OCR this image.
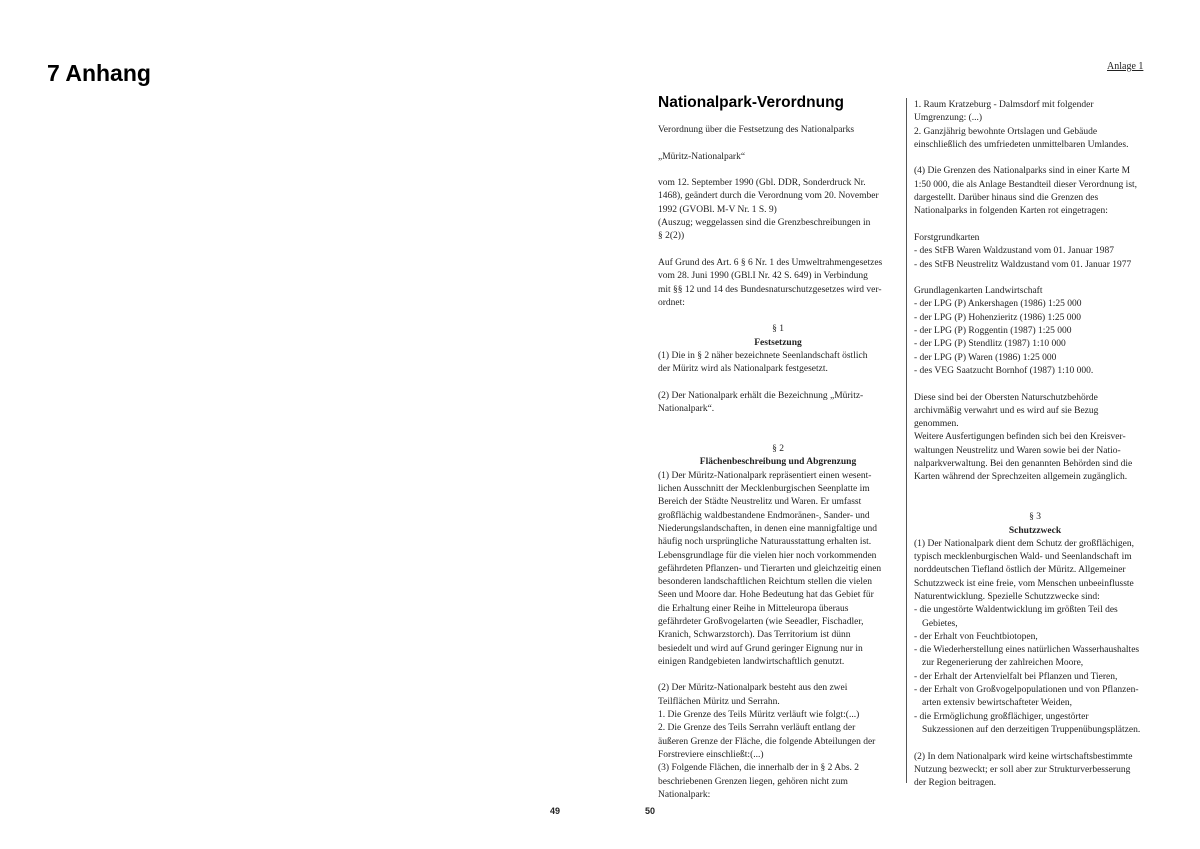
7 Anhang
49	50
Anlage 1
Nationalpark-Verordnung

Verordnung über die Festsetzung des Nationalparks

„Müritz-Nationalpark“

vom 12. September 1990 (Gbl. DDR, Sonderdruck Nr.

1468), geändert durch die Verordnung vom 20. November

1992 (GVOBl. M-V Nr. 1 S. 9)

(Auszug; weggelassen sind die Grenzbeschreibungen in

§ 2(2))

Auf Grund des Art. 6 § 6 Nr. 1 des Umweltrahmengesetzes

vom 28. Juni 1990 (GBl.I Nr. 42 S. 649) in Verbindung

mit §§ 12 und 14 des Bundesnaturschutzgesetzes wird ver-

ordnet:

§ 1

Festsetzung

(1) Die in § 2 näher bezeichnete Seenlandschaft östlich

der Müritz wird als Nationalpark festgesetzt.

(2) Der Nationalpark erhält die Bezeichnung „Müritz-

Nationalpark“.

§ 2

Flächenbeschreibung und Abgrenzung

(1) Der Müritz-Nationalpark repräsentiert einen wesent-

lichen Ausschnitt der Mecklenburgischen Seenplatte im

Bereich der Städte Neustrelitz und Waren. Er umfasst

großflächig waldbestandene Endmoränen-, Sander- und

Niederungslandschaften, in denen eine mannigfaltige und

häufig noch ursprüngliche Naturausstattung erhalten ist.

Lebensgrundlage für die vielen hier noch vorkommenden

gefährdeten Pflanzen- und Tierarten und gleichzeitig einen

besonderen landschaftlichen Reichtum stellen die vielen

Seen und Moore dar. Hohe Bedeutung hat das Gebiet für

die Erhaltung einer Reihe in Mitteleuropa überaus

gefährdeter Großvogelarten (wie Seeadler, Fischadler,

Kranich, Schwarzstorch). Das Territorium ist dünn

besiedelt und wird auf Grund geringer Eignung nur in

einigen Randgebieten landwirtschaftlich genutzt.

(2) Der Müritz-Nationalpark besteht aus den zwei

Teilflächen Müritz und Serrahn.

1. Die Grenze des Teils Müritz verläuft wie folgt:(...)

2. Die Grenze des Teils Serrahn verläuft entlang der

äußeren Grenze der Fläche, die folgende Abteilungen der

Forstreviere einschließt:(...)

(3) Folgende Flächen, die innerhalb der in § 2 Abs. 2

beschriebenen Grenzen liegen, gehören nicht zum

Nationalpark:

1. Raum Kratzeburg - Dalmsdorf mit folgender

Umgrenzung: (...)

2. Ganzjährig bewohnte Ortslagen und Gebäude

einschließlich des umfriedeten unmittelbaren Umlandes.

(4) Die Grenzen des Nationalparks sind in einer Karte M

1:50 000, die als Anlage Bestandteil dieser Verordnung ist,

dargestellt. Darüber hinaus sind die Grenzen des

Nationalparks in folgenden Karten rot eingetragen:

Forstgrundkarten

- des StFB Waren Waldzustand vom 01. Januar 1987

- des StFB Neustrelitz Waldzustand vom 01. Januar 1977

Grundlagenkarten Landwirtschaft

- der LPG (P) Ankershagen (1986) 1:25 000

- der LPG (P) Hohenzieritz (1986) 1:25 000

- der LPG (P) Roggentin (1987) 1:25 000

- der LPG (P) Stendlitz (1987) 1:10 000

- der LPG (P) Waren (1986) 1:25 000

- des VEG Saatzucht Bornhof (1987) 1:10 000.

Diese sind bei der Obersten Naturschutzbehörde

archivmäßig verwahrt und es wird auf sie Bezug

genommen.

Weitere Ausfertigungen befinden sich bei den Kreisver-

waltungen Neustrelitz und Waren sowie bei der Natio-

nalparkverwaltung. Bei den genannten Behörden sind die

Karten während der Sprechzeiten allgemein zugänglich.

§ 3

Schutzzweck

(1) Der Nationalpark dient dem Schutz der großflächigen,

typisch mecklenburgischen Wald- und Seenlandschaft im

norddeutschen Tiefland östlich der Müritz. Allgemeiner

Schutzzweck ist eine freie, vom Menschen unbeeinflusste

Naturentwicklung. Spezielle Schutzzwecke sind:

- die ungestörte Waldentwicklung im größten Teil des

Gebietes,

- der Erhalt von Feuchtbiotopen,

- die Wiederherstellung eines natürlichen Wasserhaushaltes

zur Regenerierung der zahlreichen Moore,

- der Erhalt der Artenvielfalt bei Pflanzen und Tieren,

- der Erhalt von Großvogelpopulationen und von Pflanzen-

arten extensiv bewirtschafteter Weiden,

- die Ermöglichung großflächiger, ungestörter

Sukzessionen auf den derzeitigen Truppenübungsplätzen.

(2) In dem Nationalpark wird keine wirtschaftsbestimmte

Nutzung bezweckt; er soll aber zur Strukturverbesserung

der Region beitragen.
